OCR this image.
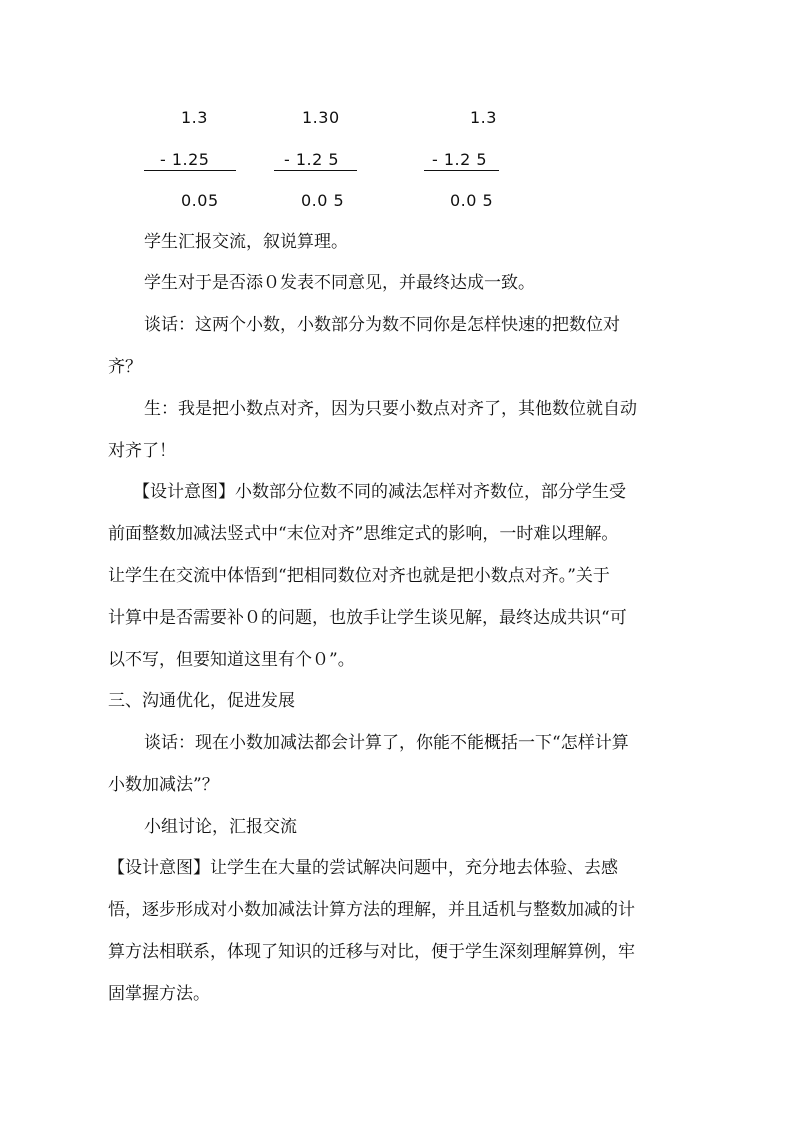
1.3
- 1.25
0.05
1.30
- 1.2 5
0.0 5
1.3
- 1.2 5
0.0 5
学生汇报交流，叙说算理。
学生对于是否添０发表不同意见，并最终达成一致。
谈话：这两个小数，小数部分为数不同你是怎样快速的把数位对
齐？
生：我是把小数点对齐，因为只要小数点对齐了，其他数位就自动
对齐了！
【设计意图】小数部分位数不同的减法怎样对齐数位，部分学生受
前面整数加减法竖式中“末位对齐”思维定式的影响，一时难以理解。
让学生在交流中体悟到“把相同数位对齐也就是把小数点对齐。”关于
计算中是否需要补０的问题，也放手让学生谈见解，最终达成共识“可
以不写，但要知道这里有个０”。
三、沟通优化，促进发展
谈话：现在小数加减法都会计算了，你能不能概括一下“怎样计算
小数加减法”？
小组讨论，汇报交流
【设计意图】让学生在大量的尝试解决问题中，充分地去体验、去感
悟，逐步形成对小数加减法计算方法的理解，并且适机与整数加减的计
算方法相联系，体现了知识的迁移与对比，便于学生深刻理解算例，牢
固掌握方法。
